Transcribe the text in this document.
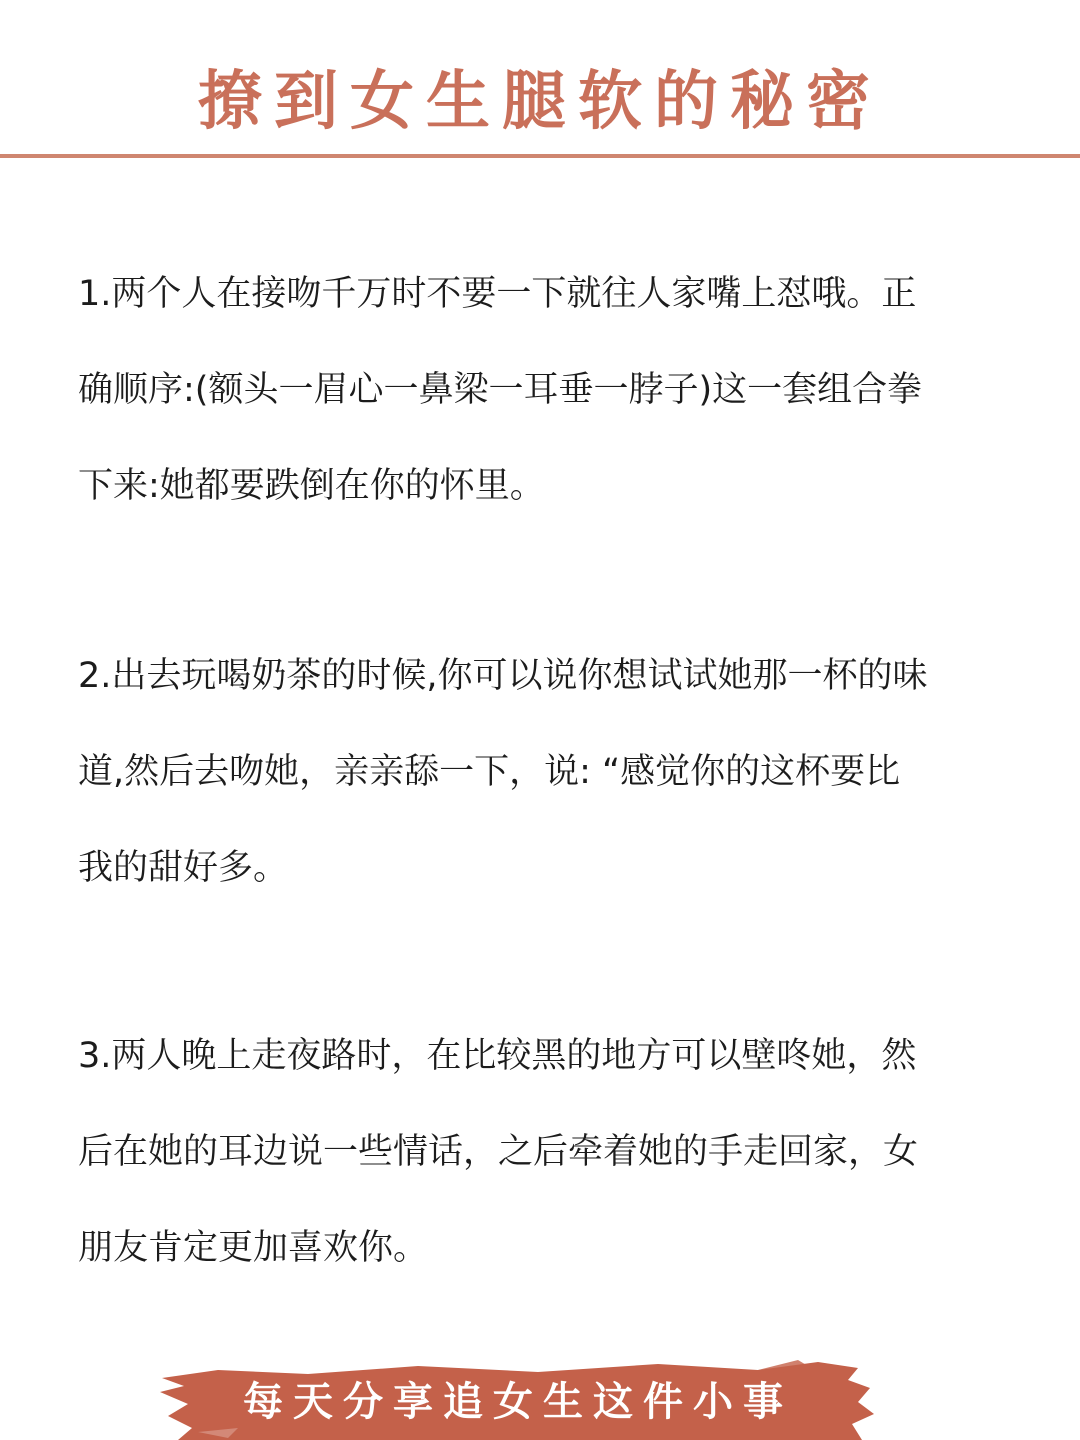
撩到女生腿软的秘密
1.两个人在接吻千万时不要一下就往人家嘴上怼哦。正
确顺序:(额头一眉心一鼻梁一耳垂一脖子)这一套组合拳
下来:她都要跌倒在你的怀里。
2.出去玩喝奶茶的时候,你可以说你想试试她那一杯的味
道,然后去吻她，亲亲舔一下，说: “感觉你的这杯要比
我的甜好多。
3.两人晚上走夜路时，在比较黑的地方可以壁咚她，然
后在她的耳边说一些情话，之后牵着她的手走回家，女
朋友肯定更加喜欢你。
每天分享追女生这件小事
